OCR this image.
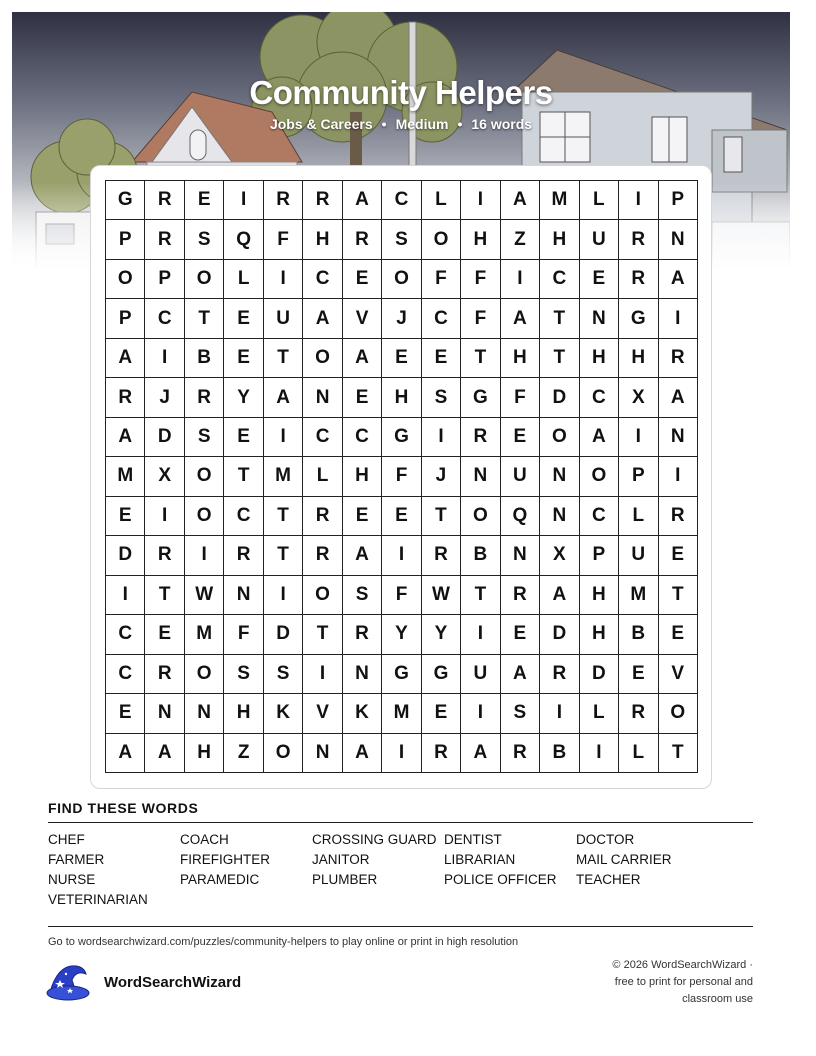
Community Helpers
Jobs & Careers • Medium • 16 words
G	R	E	I	R	R	A	C	L	I	A	M	L	I	P
P	R	S	Q	F	H	R	S	O	H	Z	H	U	R	N
O	P	O	L	I	C	E	O	F	F	I	C	E	R	A
P	C	T	E	U	A	V	J	C	F	A	T	N	G	I
A	I	B	E	T	O	A	E	E	T	H	T	H	H	R
R	J	R	Y	A	N	E	H	S	G	F	D	C	X	A
A	D	S	E	I	C	C	G	I	R	E	O	A	I	N
M	X	O	T	M	L	H	F	J	N	U	N	O	P	I
E	I	O	C	T	R	E	E	T	O	Q	N	C	L	R
D	R	I	R	T	R	A	I	R	B	N	X	P	U	E
I	T	W	N	I	O	S	F	W	T	R	A	H	M	T
C	E	M	F	D	T	R	Y	Y	I	E	D	H	B	E
C	R	O	S	S	I	N	G	G	U	A	R	D	E	V
E	N	N	H	K	V	K	M	E	I	S	I	L	R	O
A	A	H	Z	O	N	A	I	R	A	R	B	I	L	T
FIND THESE WORDS
CHEF	COACH	CROSSING GUARD DENTIST	DOCTOR
FARMER	FIREFIGHTER	JANITOR	LIBRARIAN	MAIL CARRIER
NURSE	PARAMEDIC	PLUMBER	POLICE OFFICER	TEACHER
VETERINARIAN
Go to wordsearchwizard.com/puzzles/community-helpers to play online or print in high resolution
WordSearchWizard
© 2026 WordSearchWizard ·
free to print for personal and
classroom use
